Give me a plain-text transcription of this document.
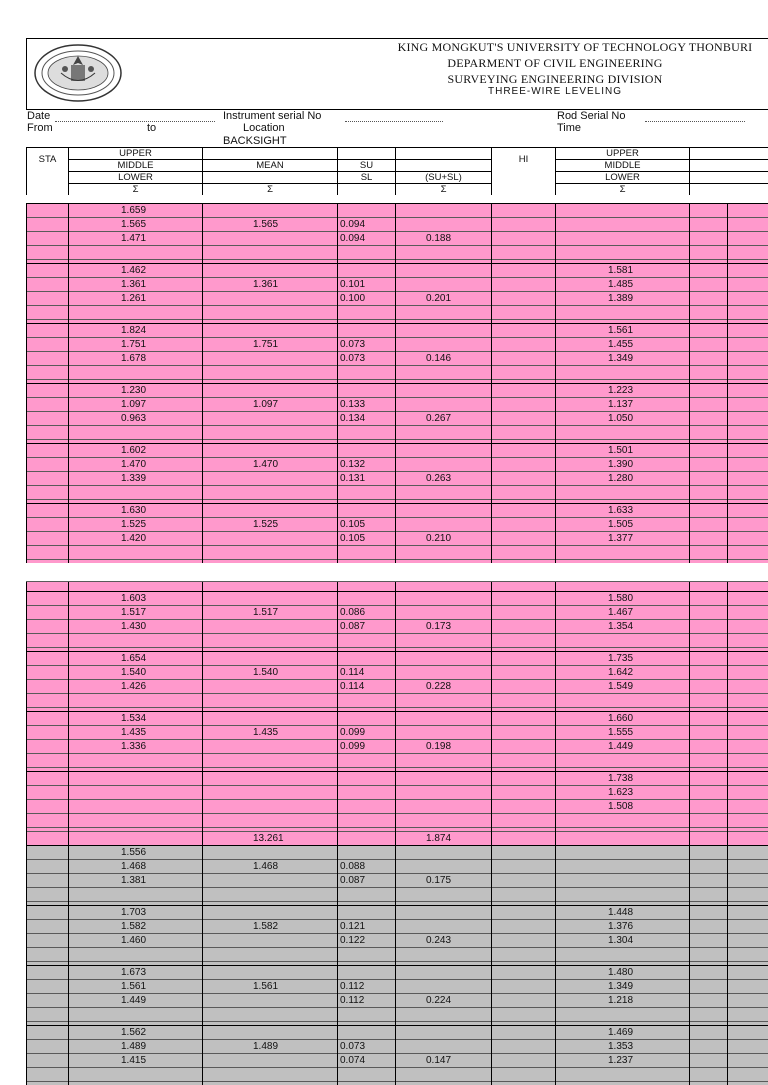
KING MONGKUT'S UNIVERSITY OF TECHNOLOGY THONBURI
DEPARMENT OF CIVIL ENGINEERING
SURVEYING ENGINEERING DIVISION
THREE-WIRE LEVELING
Date
From	to
Instrument serial No
Location
BACKSIGHT
Rod Serial No
Time
STA	UPPER				HI	UPPER		
	MIDDLE	MEAN	SU			MIDDLE		
	LOWER		SL	(SU+SL)		LOWER		
	Σ	Σ		Σ		Σ		
	1.659							
	1.565	1.565	0.094					
	1.471		0.094	0.188				

	1.462					1.581		
	1.361	1.361	0.101			1.485		
	1.261		0.100	0.201		1.389		

	1.824					1.561		
	1.751	1.751	0.073			1.455		
	1.678		0.073	0.146		1.349		

	1.230					1.223		
	1.097	1.097	0.133			1.137		
	0.963		0.134	0.267		1.050		

	1.602					1.501		
	1.470	1.470	0.132			1.390		
	1.339		0.131	0.263		1.280		

	1.630					1.633		
	1.525	1.525	0.105			1.505		
	1.420		0.105	0.210		1.377		

	1.603					1.580		
	1.517	1.517	0.086			1.467		
	1.430		0.087	0.173		1.354		

	1.654					1.735		
	1.540	1.540	0.114			1.642		
	1.426		0.114	0.228		1.549		

	1.534					1.660		
	1.435	1.435	0.099			1.555		
	1.336		0.099	0.198		1.449		

						1.738		
						1.623		
						1.508		

		13.261		1.874				
	1.556							
	1.468	1.468	0.088					
	1.381		0.087	0.175				

	1.703					1.448		
	1.582	1.582	0.121			1.376		
	1.460		0.122	0.243		1.304		

	1.673					1.480		
	1.561	1.561	0.112			1.349		
	1.449		0.112	0.224		1.218		

	1.562					1.469		
	1.489	1.489	0.073			1.353		
	1.415		0.074	0.147		1.237		
